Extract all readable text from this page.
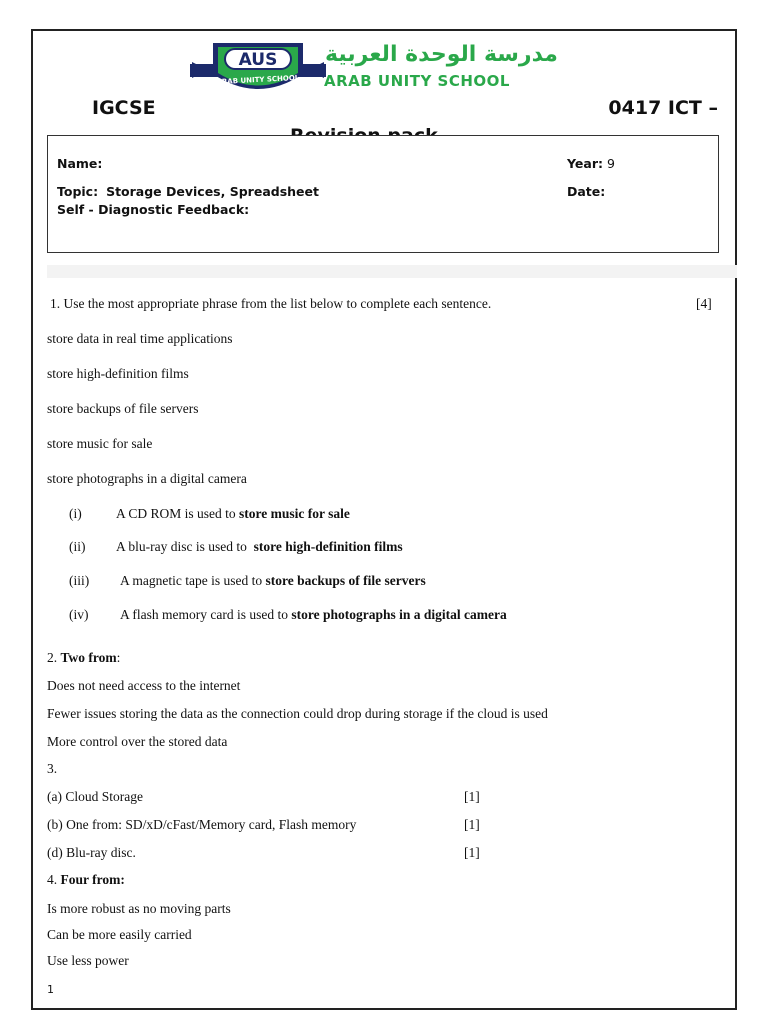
AUS
ARAB UNITY SCHOOL
مدرسة الوحدة العربية
ARAB UNITY SCHOOL
IGCSE	0417 ICT –
Name:	Year: 9
Topic: Storage Devices, Spreadsheet	Date:
Self - Diagnostic Feedback:
1. Use the most appropriate phrase from the list below to complete each sentence.	[4]
store data in real time applications
store high-definition films
store backups of file servers
store music for sale
store photographs in a digital camera
(i)	A CD ROM is used to store music for sale
(ii) A blu-ray disc is used to store high-definition films
(iii) A magnetic tape is used to store backups of file servers
(iv) A flash memory card is used to store photographs in a digital camera
2. Two from:
Does not need access to the internet
Fewer issues storing the data as the connection could drop during storage if the cloud is used
More control over the stored data
3.
(a) Cloud Storage	[1]
(b) One from: SD/xD/cFast/Memory card, Flash memory	[1]
(d) Blu-ray disc.	[1]
4. Four from:
Is more robust as no moving parts
Can be more easily carried
Use less power
1
